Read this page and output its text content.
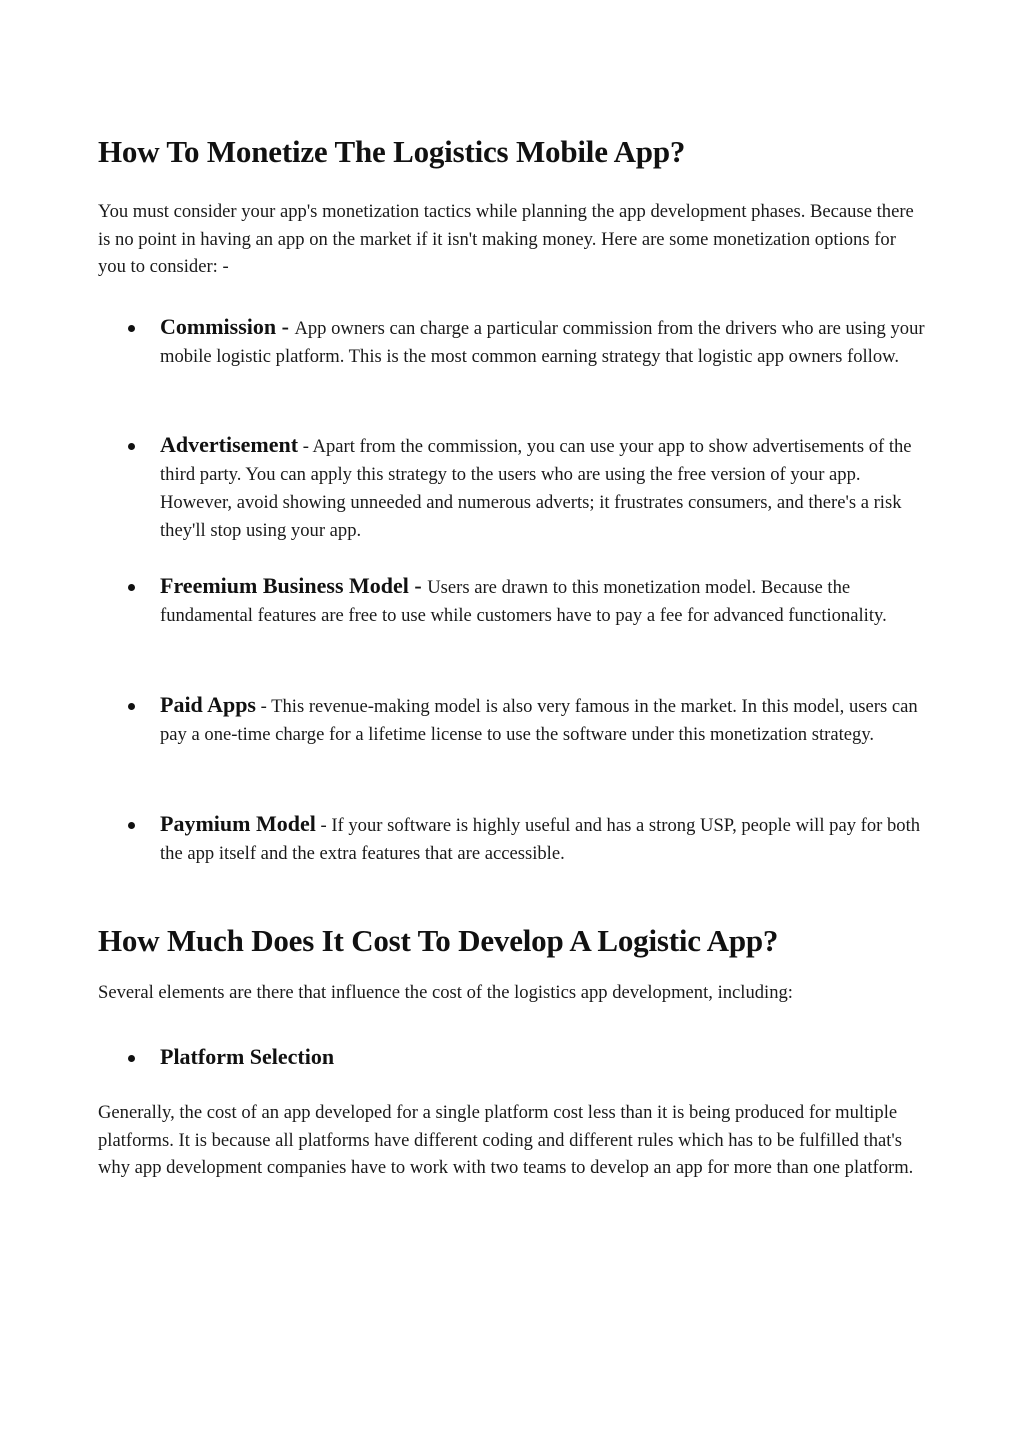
How To Monetize The Logistics Mobile App?

You must consider your app's monetization tactics while planning the app development phases. Because there is no point in having an app on the market if it isn't making money. Here are some monetization options for you to consider: -

Commission - App owners can charge a particular commission from the drivers who are using your mobile logistic platform. This is the most common earning strategy that logistic app owners follow.
Advertisement - Apart from the commission, you can use your app to show advertisements of the third party. You can apply this strategy to the users who are using the free version of your app. However, avoid showing unneeded and numerous adverts; it frustrates consumers, and there's a risk they'll stop using your app.
Freemium Business Model - Users are drawn to this monetization model. Because the fundamental features are free to use while customers have to pay a fee for advanced functionality.
Paid Apps - This revenue-making model is also very famous in the market. In this model, users can pay a one-time charge for a lifetime license to use the software under this monetization strategy.
Paymium Model - If your software is highly useful and has a strong USP, people will pay for both the app itself and the extra features that are accessible.
How Much Does It Cost To Develop A Logistic App?

Several elements are there that influence the cost of the logistics app development, including:

Platform Selection

Generally, the cost of an app developed for a single platform cost less than it is being produced for multiple platforms. It is because all platforms have different coding and different rules which has to be fulfilled that's why app development companies have to work with two teams to develop an app for more than one platform.
